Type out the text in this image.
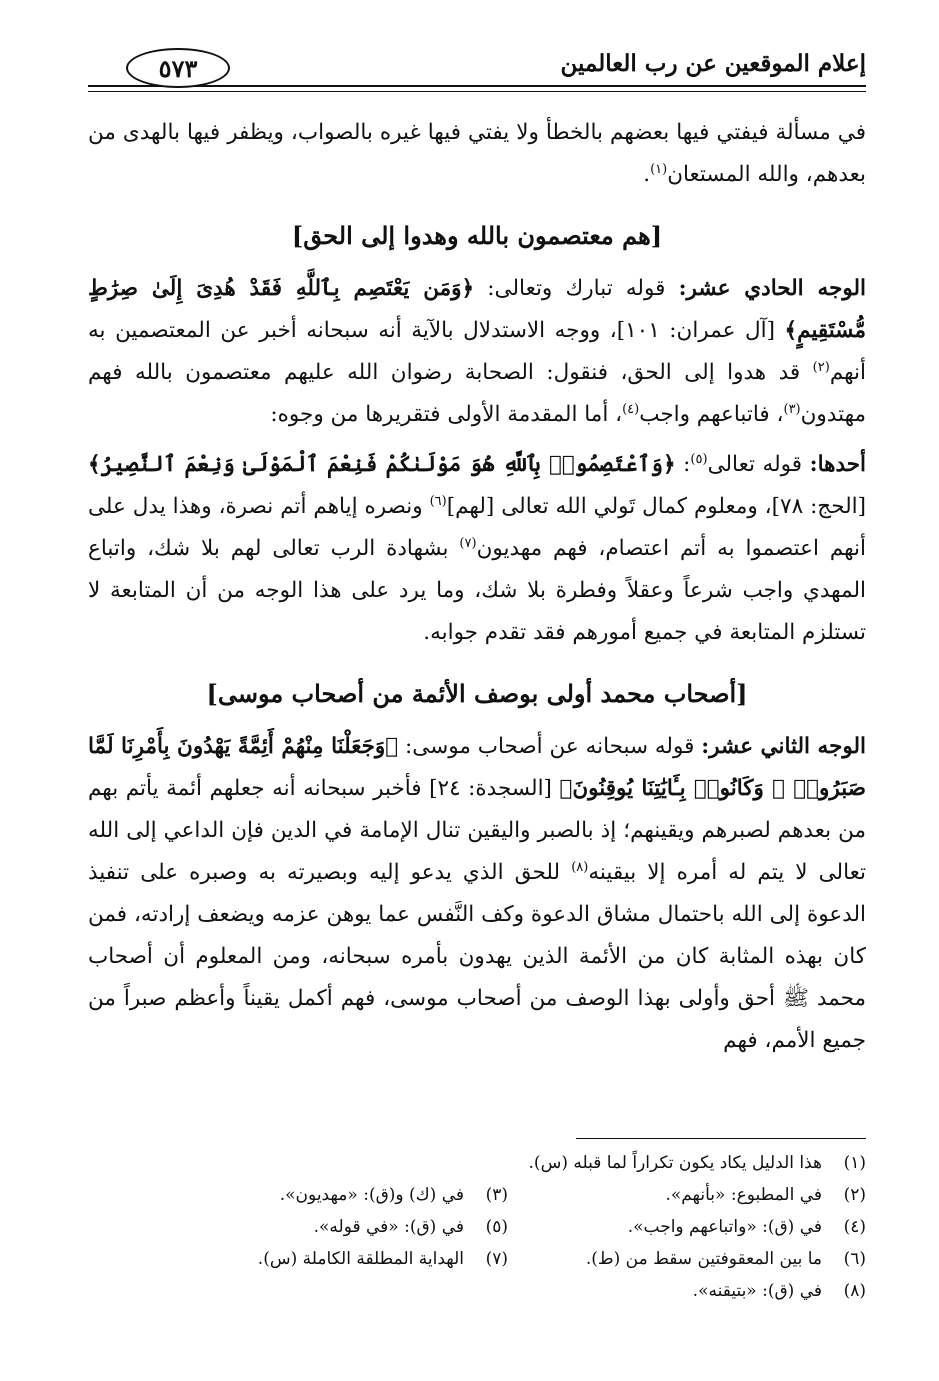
إعلام الموقعين عن رب العالمين
٥٧٣

في مسألة فيفتي فيها بعضهم بالخطأ ولا يفتي فيها غيره بالصواب، ويظفر فيها بالهدى من بعدهم، والله المستعان$^{(١)}$.

[هم معتصمون بالله وهدوا إلى الحق]

الوجه الحادي عشر: قوله تبارك وتعالى: ﴿وَمَن يَعْتَصِم بِٱللَّهِ فَقَدْ هُدِىَ إِلَىٰ صِرَٰطٍ مُّسْتَقِيمٍ﴾ [آل عمران: ١٠١]، ووجه الاستدلال بالآية أنه سبحانه أخبر عن المعتصمين به أنهم$^{(٢)}$ قد هدوا إلى الحق، فنقول: الصحابة رضوان الله عليهم معتصمون بالله فهم مهتدون$^{(٣)}$، فاتباعهم واجب$^{(٤)}$، أما المقدمة الأولى فتقريرها من وجوه:

أحدها: قوله تعالى$^{(٥)}$: ﴿وَٱعْتَصِمُوا۟ بِٱللَّهِ هُوَ مَوْلَىٰكُمْ فَنِعْمَ ٱلْمَوْلَىٰ وَنِعْمَ ٱلنَّصِيرُ﴾ [الحج: ٧٨]، ومعلوم كمال تَولي الله تعالى [لهم]$^{(٦)}$ ونصره إياهم أتم نصرة، وهذا يدل على أنهم اعتصموا به أتم اعتصام، فهم مهديون$^{(٧)}$ بشهادة الرب تعالى لهم بلا شك، واتباع المهدي واجب شرعاً وعقلاً وفطرة بلا شك، وما يرد على هذا الوجه من أن المتابعة لا تستلزم المتابعة في جميع أمورهم فقد تقدم جوابه.

[أصحاب محمد أولى بوصف الأئمة من أصحاب موسى]

الوجه الثاني عشر: قوله سبحانه عن أصحاب موسى: ﴿وَجَعَلْنَا مِنْهُمْ أَئِمَّةً يَهْدُونَ بِأَمْرِنَا لَمَّا صَبَرُوا۟ ۖ وَكَانُوا۟ بِـَٔايَٰتِنَا يُوقِنُونَ﴾ [السجدة: ٢٤] فأخبر سبحانه أنه جعلهم أئمة يأتم بهم من بعدهم لصبرهم ويقينهم؛ إذ بالصبر واليقين تنال الإمامة في الدين فإن الداعي إلى الله تعالى لا يتم له أمره إلا بيقينه$^{(٨)}$ للحق الذي يدعو إليه وبصيرته به وصبره على تنفيذ الدعوة إلى الله باحتمال مشاق الدعوة وكف النَّفس عما يوهن عزمه ويضعف إرادته، فمن كان بهذه المثابة كان من الأئمة الذين يهدون بأمره سبحانه، ومن المعلوم أن أصحاب محمد ﷺ أحق وأولى بهذا الوصف من أصحاب موسى، فهم أكمل يقيناً وأعظم صبراً من جميع الأمم، فهم

(١)
هذا الدليل يكاد يكون تكراراً لما قبله (س).
(٢)
في المطبوع: «بأنهم».
(٣)
في (ك) و(ق): «مهديون».
(٤)
في (ق): «واتباعهم واجب».
(٥)
في (ق): «في قوله».
(٦)
ما بين المعقوفتين سقط من (ط).
(٧)
الهداية المطلقة الكاملة (س).
(٨)
في (ق): «بتيقنه».
